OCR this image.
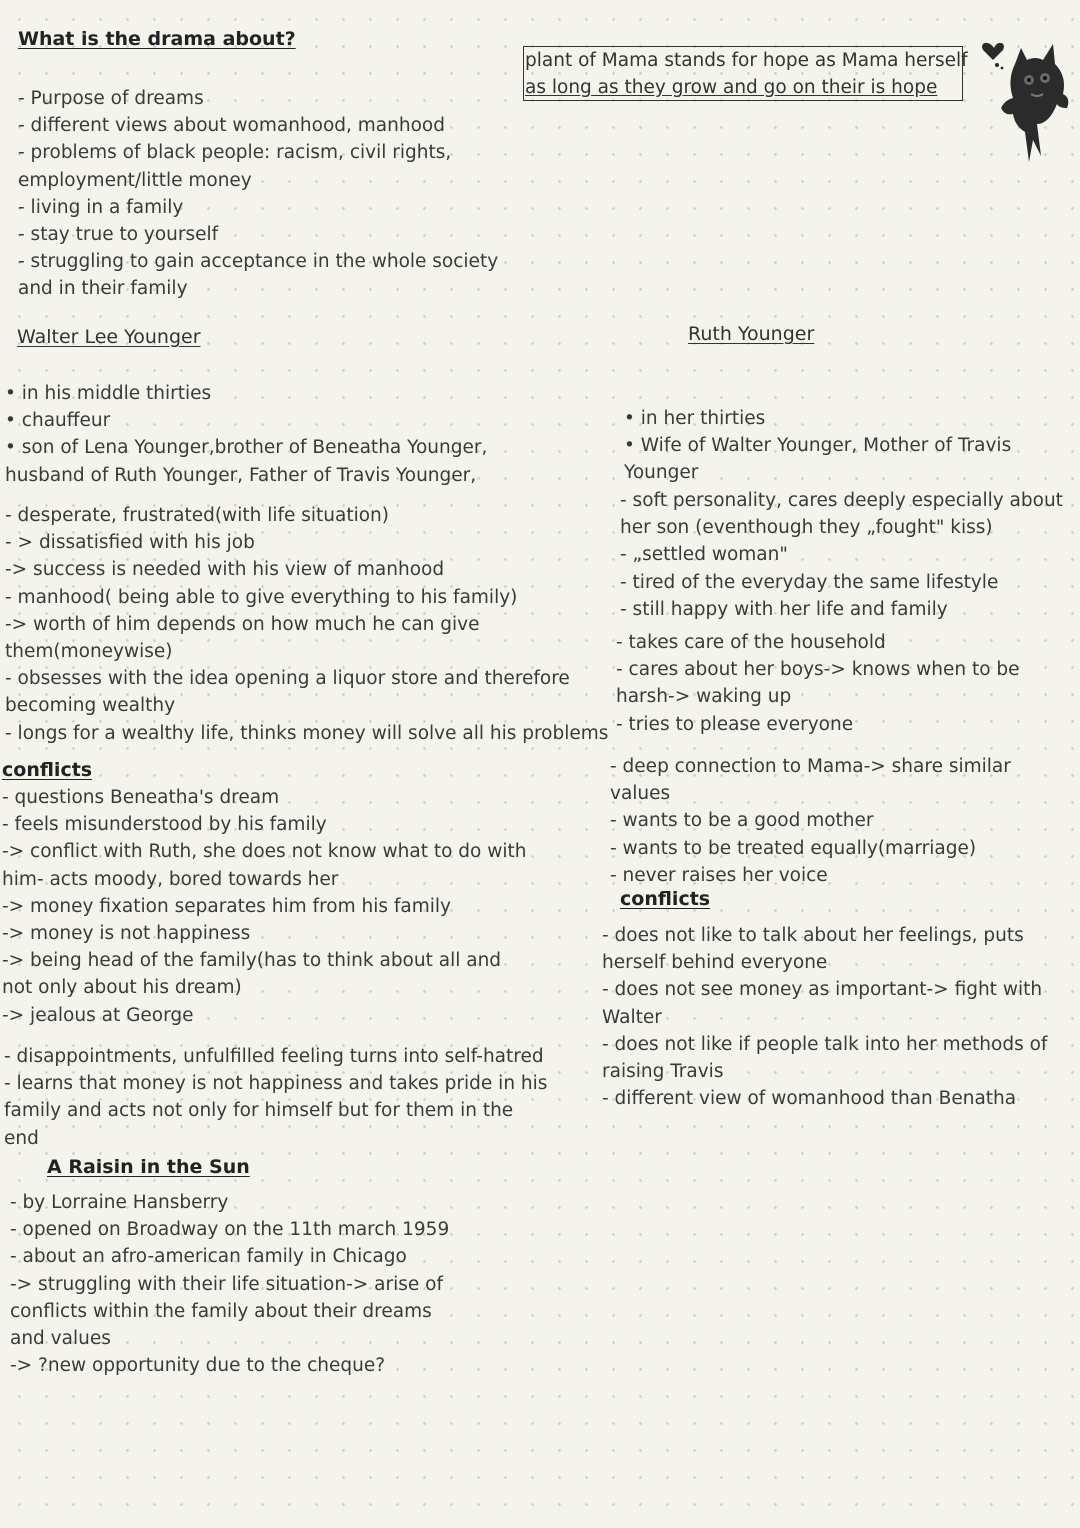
What is the drama about?
- Purpose of dreams
- different views about womanhood, manhood
- problems of black people: racism, civil rights,
employment/little money
- living in a family
- stay true to yourself
- struggling to gain acceptance in the whole society
and in their family
plant of Mama stands for hope as Mama herself
as long as they grow and go on their is hope
Walter Lee Younger
• in his middle thirties
• chauffeur
• son of Lena Younger,brother of Beneatha Younger,
husband of Ruth Younger, Father of Travis Younger,
- desperate, frustrated(with life situation)
- > dissatisfied with his job
-> success is needed with his view of manhood
- manhood( being able to give everything to his family)
-> worth of him depends on how much he can give
them(moneywise)
- obsesses with the idea opening a liquor store and therefore
becoming wealthy
- longs for a wealthy life, thinks money will solve all his problems
conflicts
- questions Beneatha's dream
- feels misunderstood by his family
-> conflict with Ruth, she does not know what to do with
him- acts moody, bored towards her
-> money fixation separates him from his family
-> money is not happiness
-> being head of the family(has to think about all and
not only about his dream)
-> jealous at George
- disappointments, unfulfilled feeling turns into self-hatred
- learns that money is not happiness and takes pride in his
family and acts not only for himself but for them in the
end
A Raisin in the Sun
- by Lorraine Hansberry
- opened on Broadway on the 11th march 1959
- about an afro-american family in Chicago
-> struggling with their life situation-> arise of
conflicts within the family about their dreams
and values
-> ?new opportunity due to the cheque?
Ruth Younger
• in her thirties
• Wife of Walter Younger, Mother of Travis
Younger
- soft personality, cares deeply especially about
her son (eventhough they „fought" kiss)
- „settled woman"
- tired of the everyday the same lifestyle
- still happy with her life and family
- takes care of the household
- cares about her boys-> knows when to be
harsh-> waking up
- tries to please everyone
- deep connection to Mama-> share similar
values
- wants to be a good mother
- wants to be treated equally(marriage)
- never raises her voice
conflicts
- does not like to talk about her feelings, puts
herself behind everyone
- does not see money as important-> fight with
Walter
- does not like if people talk into her methods of
raising Travis
- different view of womanhood than Benatha
